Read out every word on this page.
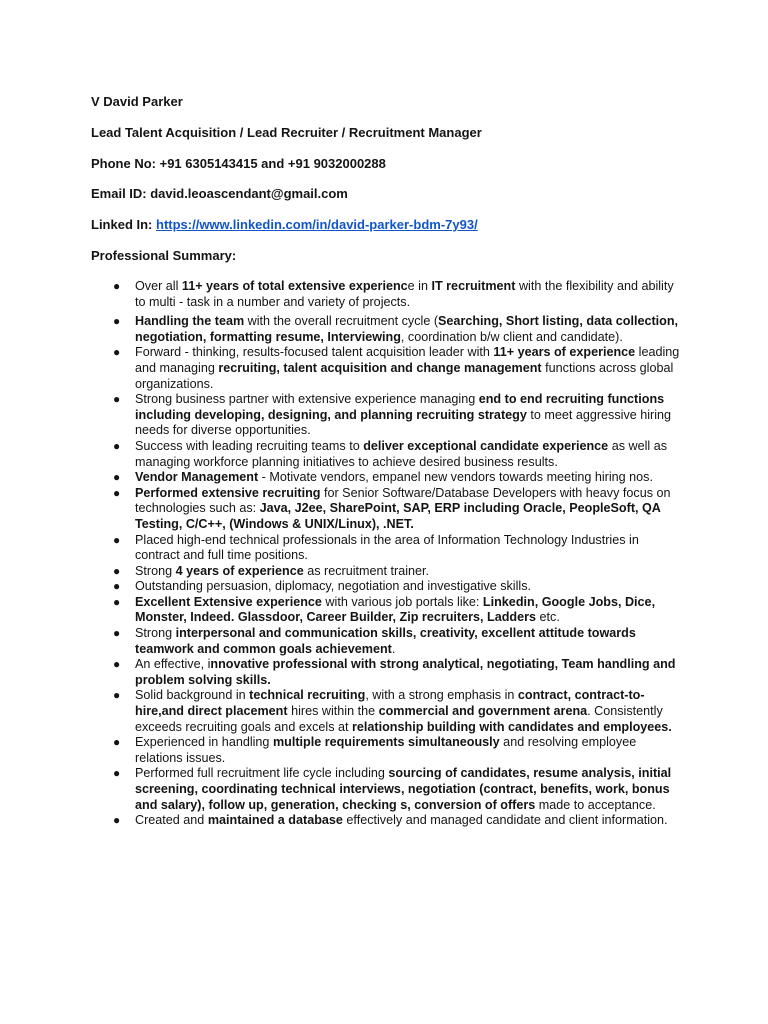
V David Parker
Lead Talent Acquisition / Lead Recruiter / Recruitment Manager
Phone No: +91 6305143415 and +91 9032000288
Email ID: david.leoascendant@gmail.com
Linked In: https://www.linkedin.com/in/david-parker-bdm-7y93/
Professional Summary:
● Over all 11+ years of total extensive experience in IT recruitment with the flexibility and ability to multi - task in a number and variety of projects.
● Handling the team with the overall recruitment cycle (Searching, Short listing, data collection, negotiation, formatting resume, Interviewing, coordination b/w client and candidate).
● Forward - thinking, results-focused talent acquisition leader with 11+ years of experience leading and managing recruiting, talent acquisition and change management functions across global organizations.
● Strong business partner with extensive experience managing end to end recruiting functions including developing, designing, and planning recruiting strategy to meet aggressive hiring needs for diverse opportunities.
● Success with leading recruiting teams to deliver exceptional candidate experience as well as managing workforce planning initiatives to achieve desired business results.
● Vendor Management - Motivate vendors, empanel new vendors towards meeting hiring nos.
● Performed extensive recruiting for Senior Software/Database Developers with heavy focus on technologies such as: Java, J2ee, SharePoint, SAP, ERP including Oracle, PeopleSoft, QA Testing, C/C++, (Windows & UNIX/Linux), .NET.
● Placed high-end technical professionals in the area of Information Technology Industries in contract and full time positions.
● Strong 4 years of experience as recruitment trainer.
● Outstanding persuasion, diplomacy, negotiation and investigative skills.
● Excellent Extensive experience with various job portals like: Linkedin, Google Jobs, Dice, Monster, Indeed. Glassdoor, Career Builder, Zip recruiters, Ladders etc.
● Strong interpersonal and communication skills, creativity, excellent attitude towards teamwork and common goals achievement.
● An effective, innovative professional with strong analytical, negotiating, Team handling and problem solving skills.
● Solid background in technical recruiting, with a strong emphasis in contract, contract-to-hire,and direct placement hires within the commercial and government arena. Consistently exceeds recruiting goals and excels at relationship building with candidates and employees.
● Experienced in handling multiple requirements simultaneously and resolving employee relations issues.
● Performed full recruitment life cycle including sourcing of candidates, resume analysis, initial screening, coordinating technical interviews, negotiation (contract, benefits, work, bonus and salary), follow up, generation, checking s, conversion of offers made to acceptance.
● Created and maintained a database effectively and managed candidate and client information.
